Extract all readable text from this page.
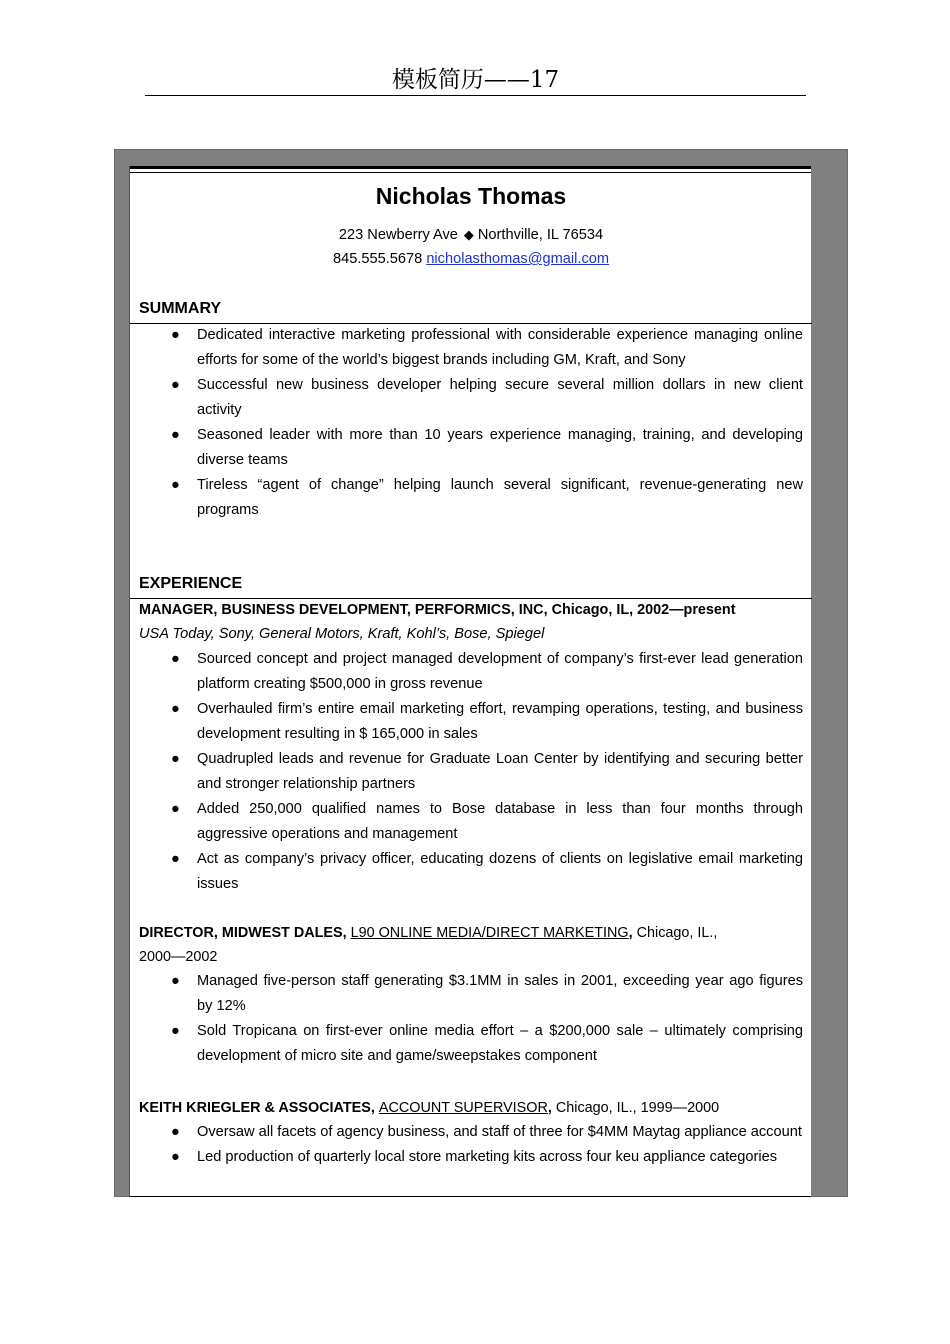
模板简历——17
Nicholas Thomas
223 Newberry Ave ◆ Northville, IL 76534
845.555.5678 nicholasthomas@gmail.com
SUMMARY
●	Dedicated interactive marketing professional with considerable experience managing online efforts for some of the world’s biggest brands including GM, Kraft, and Sony
●	Successful new business developer helping secure several million dollars in new client activity
●	Seasoned leader with more than 10 years experience managing, training, and developing diverse teams
●	Tireless “agent of change” helping launch several significant, revenue-generating new programs
EXPERIENCE
MANAGER, BUSINESS DEVELOPMENT, PERFORMICS, INC, Chicago, IL, 2002—present
USA Today, Sony, General Motors, Kraft, Kohl’s, Bose, Spiegel
●	Sourced concept and project managed development of company’s first-ever lead generation platform creating $500,000 in gross revenue
●	Overhauled firm’s entire email marketing effort, revamping operations, testing, and business development resulting in $ 165,000 in sales
●	Quadrupled leads and revenue for Graduate Loan Center by identifying and securing better and stronger relationship partners
●	Added 250,000 qualified names to Bose database in less than four months through aggressive operations and management
●	Act as company’s privacy officer, educating dozens of clients on legislative email marketing issues
DIRECTOR, MIDWEST DALES, L90 ONLINE MEDIA/DIRECT MARKETING, Chicago, IL.,
2000—2002
●	Managed five-person staff generating $3.1MM in sales in 2001, exceeding year ago figures by 12%
●	Sold Tropicana on first-ever online media effort – a $200,000 sale – ultimately comprising development of micro site and game/sweepstakes component
KEITH KRIEGLER & ASSOCIATES, ACCOUNT SUPERVISOR, Chicago, IL., 1999—2000
●	Oversaw all facets of agency business, and staff of three for $4MM Maytag appliance account
●	Led production of quarterly local store marketing kits across four keu appliance categories
